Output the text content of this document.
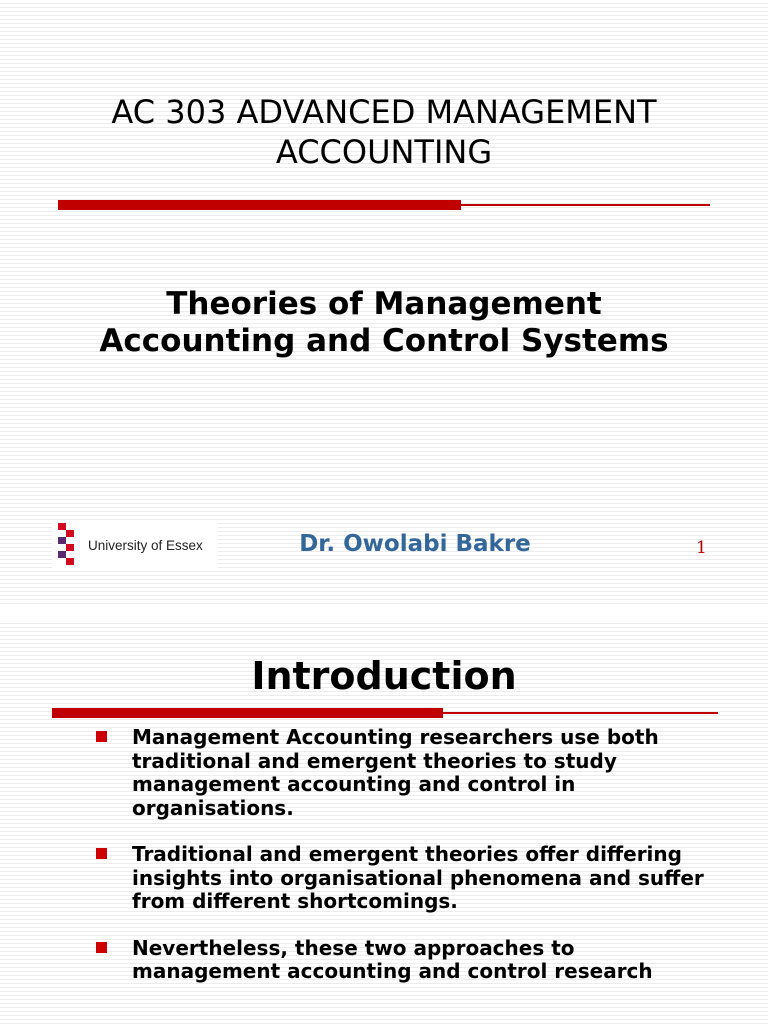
AC 303 ADVANCED MANAGEMENT
ACCOUNTING
Theories of Management
Accounting and Control Systems
University of Essex	Dr. Owolabi Bakre	1
Introduction
Management Accounting researchers use both traditional and emergent theories to study management accounting and control in organisations.
Traditional and emergent theories offer differing insights into organisational phenomena and suffer from different shortcomings.
Nevertheless, these two approaches to management accounting and control research
